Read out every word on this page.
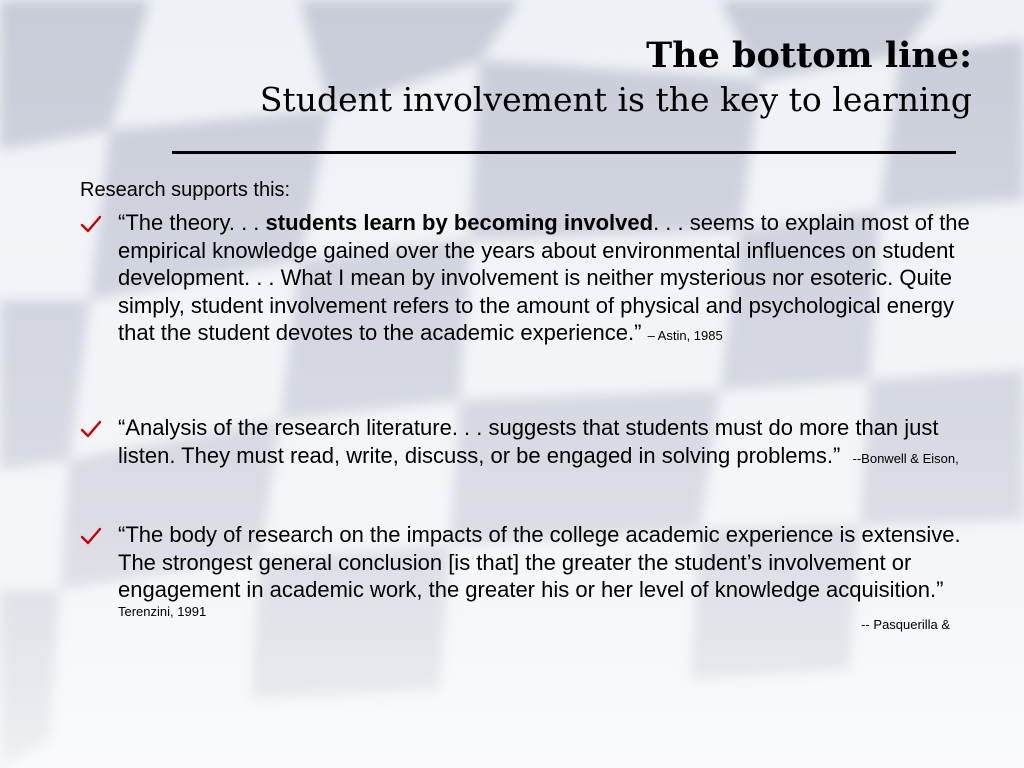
The bottom line:
Student involvement is the key to learning
Research supports this:
“The theory. . . students learn by becoming involved. . . seems to explain most of the empirical knowledge gained over the years about environmental influences on student development. . . What I mean by involvement is neither mysterious nor esoteric. Quite simply, student involvement refers to the amount of physical and psychological energy that the student devotes to the academic experience.” – Astin, 1985
“Analysis of the research literature. . . suggests that students must do more than just listen. They must read, write, discuss, or be engaged in solving problems.” --Bonwell & Eison,
“The body of research on the impacts of the college academic experience is extensive. The strongest general conclusion [is that] the greater the student’s involvement or engagement in academic work, the greater his or her level of knowledge acquisition.”
-- Pasquerilla &
Terenzini, 1991
